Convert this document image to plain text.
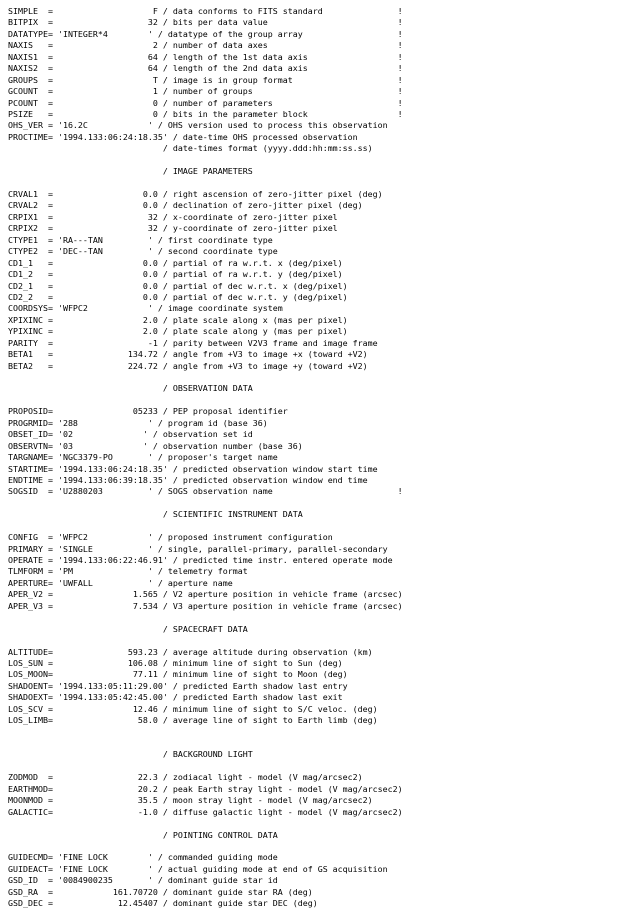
SIMPLE  =                    F / data conforms to FITS standard               !
BITPIX  =                   32 / bits per data value                          !
DATATYPE= 'INTEGER*4        ' / datatype of the group array                   !
NAXIS   =                    2 / number of data axes                          !
NAXIS1  =                   64 / length of the 1st data axis                  !
NAXIS2  =                   64 / length of the 2nd data axis                  !
GROUPS  =                    T / image is in group format                     !
GCOUNT  =                    1 / number of groups                             !
PCOUNT  =                    0 / number of parameters                         !
PSIZE   =                    0 / bits in the parameter block                  !
OHS_VER = '16.2C            ' / OHS version used to process this observation
PROCTIME= '1994.133:06:24:18.35' / date-time OHS processed observation
/ date-times format (yyyy.ddd:hh:mm:ss.ss)

/ IMAGE PARAMETERS

CRVAL1  =                  0.0 / right ascension of zero-jitter pixel (deg)
CRVAL2  =                  0.0 / declination of zero-jitter pixel (deg)
CRPIX1  =                   32 / x-coordinate of zero-jitter pixel
CRPIX2  =                   32 / y-coordinate of zero-jitter pixel
CTYPE1  = 'RA---TAN         ' / first coordinate type
CTYPE2  = 'DEC--TAN         ' / second coordinate type
CD1_1   =                  0.0 / partial of ra w.r.t. x (deg/pixel)
CD1_2   =                  0.0 / partial of ra w.r.t. y (deg/pixel)
CD2_1   =                  0.0 / partial of dec w.r.t. x (deg/pixel)
CD2_2   =                  0.0 / partial of dec w.r.t. y (deg/pixel)
COORDSYS= 'WFPC2            ' / image coordinate system
XPIXINC =                  2.0 / plate scale along x (mas per pixel)
YPIXINC =                  2.0 / plate scale along y (mas per pixel)
PARITY  =                   -1 / parity between V2V3 frame and image frame
BETA1   =               134.72 / angle from +V3 to image +x (toward +V2)
BETA2   =               224.72 / angle from +V3 to image +y (toward +V2)

/ OBSERVATION DATA

PROPOSID=                05233 / PEP proposal identifier
PROGRMID= '288              ' / program id (base 36)
OBSET_ID= '02              ' / observation set id
OBSERVTN= '03              ' / observation number (base 36)
TARGNAME= 'NGC3379-PO       ' / proposer's target name
STARTIME= '1994.133:06:24:18.35' / predicted observation window start time
ENDTIME = '1994.133:06:39:18.35' / predicted observation window end time
SOGSID  = 'U2880203         ' / SOGS observation name                         !

/ SCIENTIFIC INSTRUMENT DATA

CONFIG  = 'WFPC2            ' / proposed instrument configuration
PRIMARY = 'SINGLE           ' / single, parallel-primary, parallel-secondary
OPERATE = '1994.133:06:22:46.91' / predicted time instr. entered operate mode
TLMFORM = 'PM               ' / telemetry format
APERTURE= 'UWFALL           ' / aperture name
APER_V2 =                1.565 / V2 aperture position in vehicle frame (arcsec)
APER_V3 =                7.534 / V3 aperture position in vehicle frame (arcsec)

/ SPACECRAFT DATA

ALTITUDE=               593.23 / average altitude during observation (km)
LOS_SUN =               106.08 / minimum line of sight to Sun (deg)
LOS_MOON=                77.11 / minimum line of sight to Moon (deg)
SHADOENT= '1994.133:05:11:29.00' / predicted Earth shadow last entry
SHADOEXT= '1994.133:05:42:45.00' / predicted Earth shadow last exit
LOS_SCV =                12.46 / minimum line of sight to S/C veloc. (deg)
LOS_LIMB=                 58.0 / average line of sight to Earth limb (deg)

/ BACKGROUND LIGHT

ZODMOD  =                 22.3 / zodiacal light - model (V mag/arcsec2)
EARTHMOD=                 20.2 / peak Earth stray light - model (V mag/arcsec2)
MOONMOD =                 35.5 / moon stray light - model (V mag/arcsec2)
GALACTIC=                 -1.0 / diffuse galactic light - model (V mag/arcsec2)

/ POINTING CONTROL DATA

GUIDECMD= 'FINE LOCK        ' / commanded guiding mode
GUIDEACT= 'FINE LOCK        ' / actual guiding mode at end of GS acquisition
GSD_ID  = '0084900235       ' / dominant guide star id
GSD_RA  =            161.70720 / dominant guide star RA (deg)
GSD_DEC =             12.45407 / dominant guide star DEC (deg)
